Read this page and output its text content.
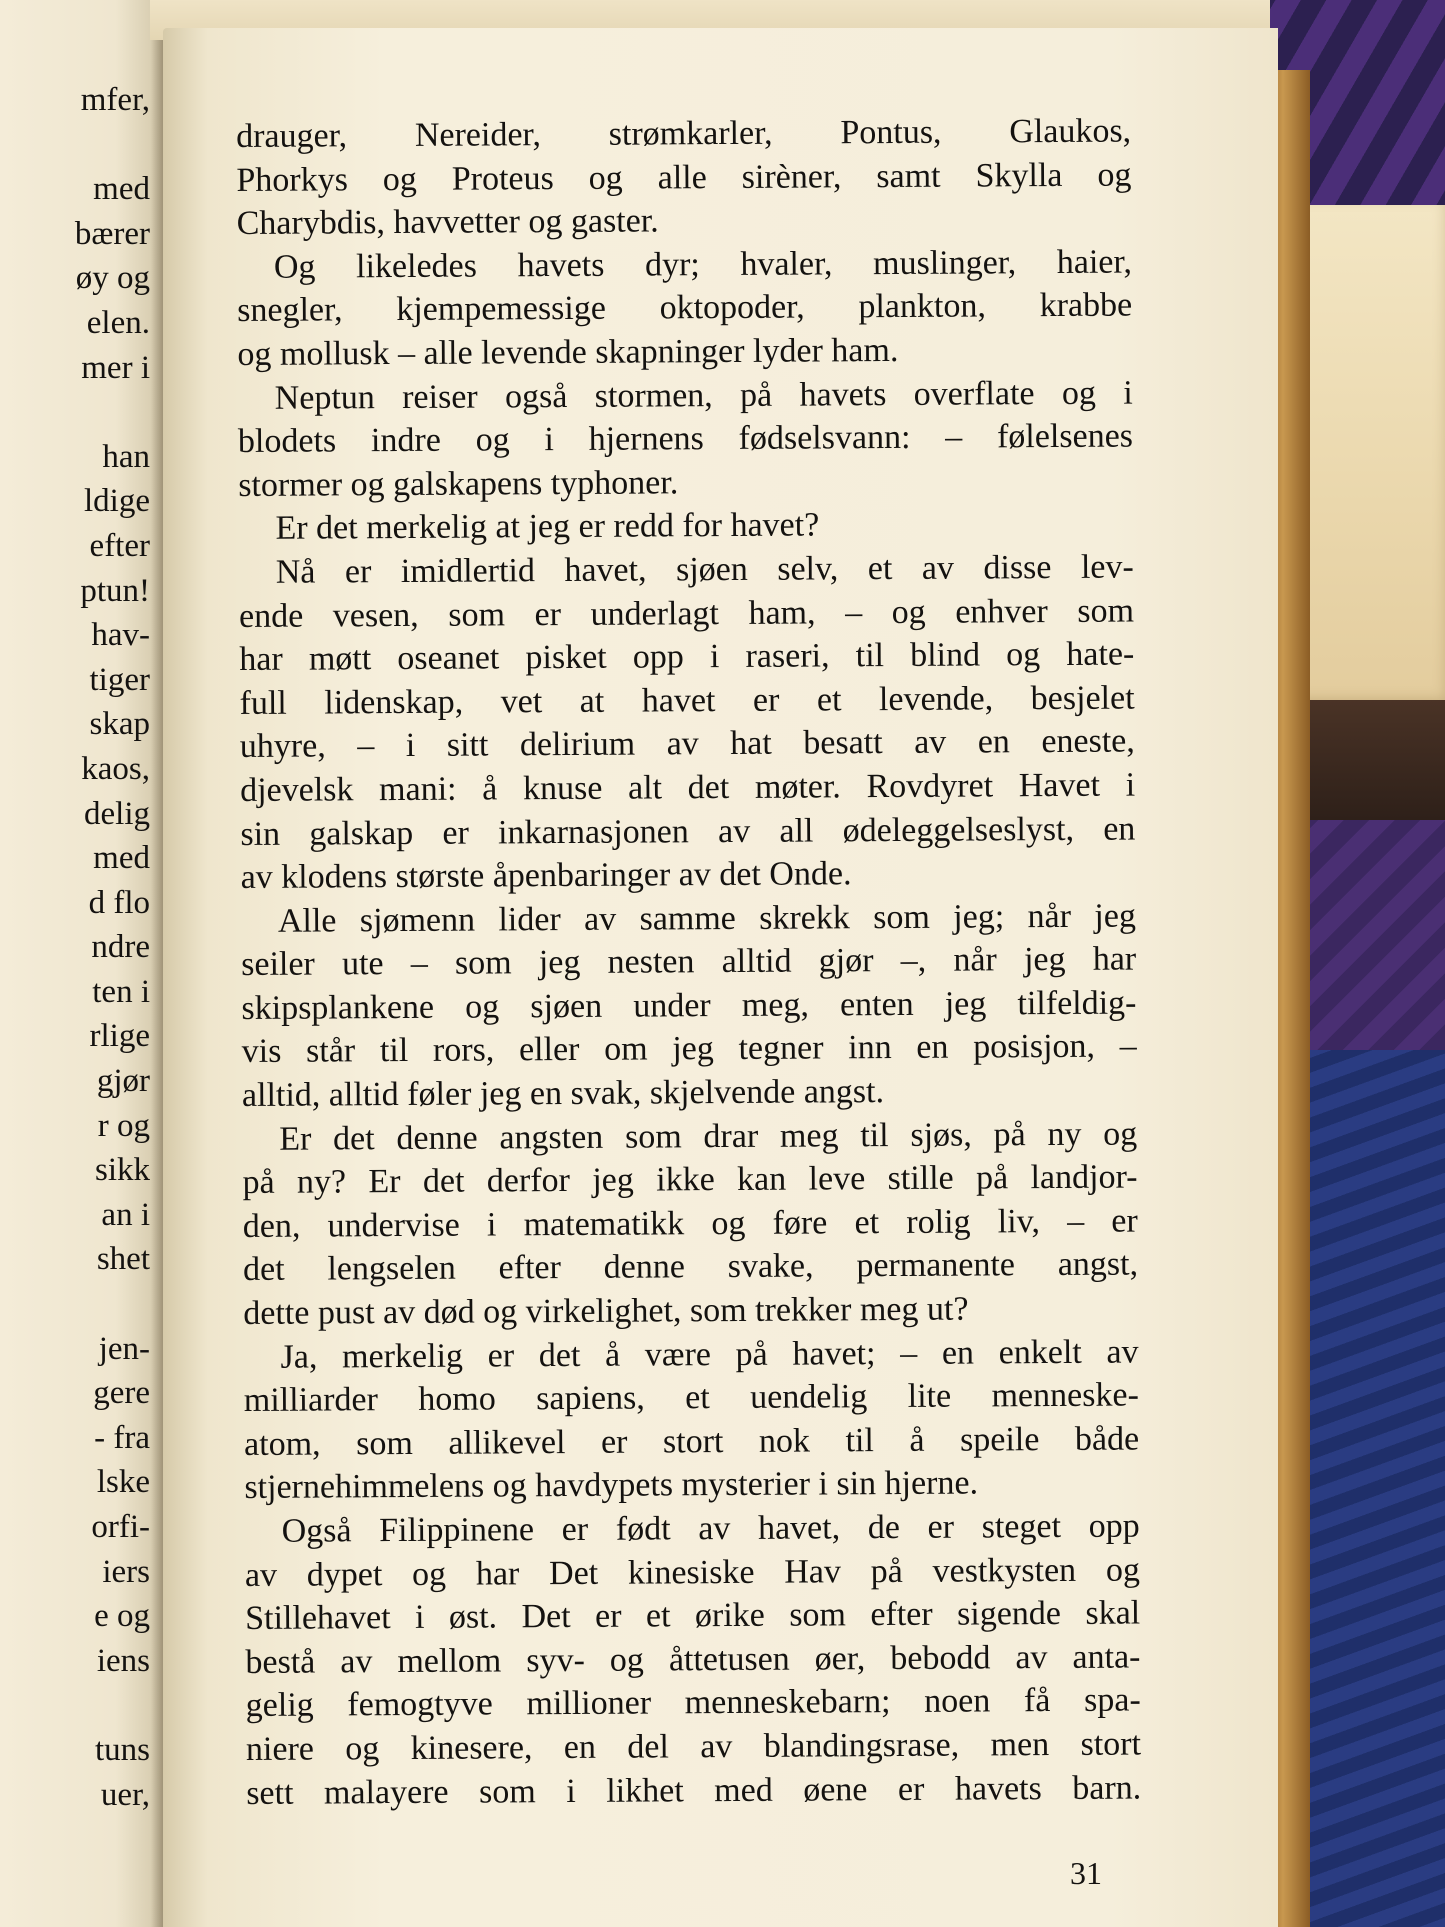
mfer,
med
bærer
øy og
elen.
mer i
han
ldige
efter
ptun!
hav-
tiger
skap
kaos,
delig
med
d flo
ndre
ten i
rlige
gjør
r og
sikk
an i
shet
jen-
gere
- fra
lske
orfi-
iers
e og
iens
tuns
uer,
drauger, Nereider, strømkarler, Pontus, Glaukos,
Phorkys og Proteus og alle sirèner, samt Skylla og
Charybdis, havvetter og gaster.
Og likeledes havets dyr; hvaler, muslinger, haier,
snegler, kjempemessige oktopoder, plankton, krabbe
og mollusk – alle levende skapninger lyder ham.
Neptun reiser også stormen, på havets overflate og i
blodets indre og i hjernens fødselsvann: – følelsenes
stormer og galskapens typhoner.
Er det merkelig at jeg er redd for havet?
Nå er imidlertid havet, sjøen selv, et av disse lev-
ende vesen, som er underlagt ham, – og enhver som
har møtt oseanet pisket opp i raseri, til blind og hate-
full lidenskap, vet at havet er et levende, besjelet
uhyre, – i sitt delirium av hat besatt av en eneste,
djevelsk mani: å knuse alt det møter. Rovdyret Havet i
sin galskap er inkarnasjonen av all ødeleggelseslyst, en
av klodens største åpenbaringer av det Onde.
Alle sjømenn lider av samme skrekk som jeg; når jeg
seiler ute – som jeg nesten alltid gjør –, når jeg har
skipsplankene og sjøen under meg, enten jeg tilfeldig-
vis står til rors, eller om jeg tegner inn en posisjon, –
alltid, alltid føler jeg en svak, skjelvende angst.
Er det denne angsten som drar meg til sjøs, på ny og
på ny? Er det derfor jeg ikke kan leve stille på landjor-
den, undervise i matematikk og føre et rolig liv, – er
det lengselen efter denne svake, permanente angst,
dette pust av død og virkelighet, som trekker meg ut?
Ja, merkelig er det å være på havet; – en enkelt av
milliarder homo sapiens, et uendelig lite menneske-
atom, som allikevel er stort nok til å speile både
stjernehimmelens og havdypets mysterier i sin hjerne.
Også Filippinene er født av havet, de er steget opp
av dypet og har Det kinesiske Hav på vestkysten og
Stillehavet i øst. Det er et ørike som efter sigende skal
bestå av mellom syv- og åttetusen øer, bebodd av anta-
gelig femogtyve millioner menneskebarn; noen få spa-
niere og kinesere, en del av blandingsrase, men stort
sett malayere som i likhet med øene er havets barn.
31
